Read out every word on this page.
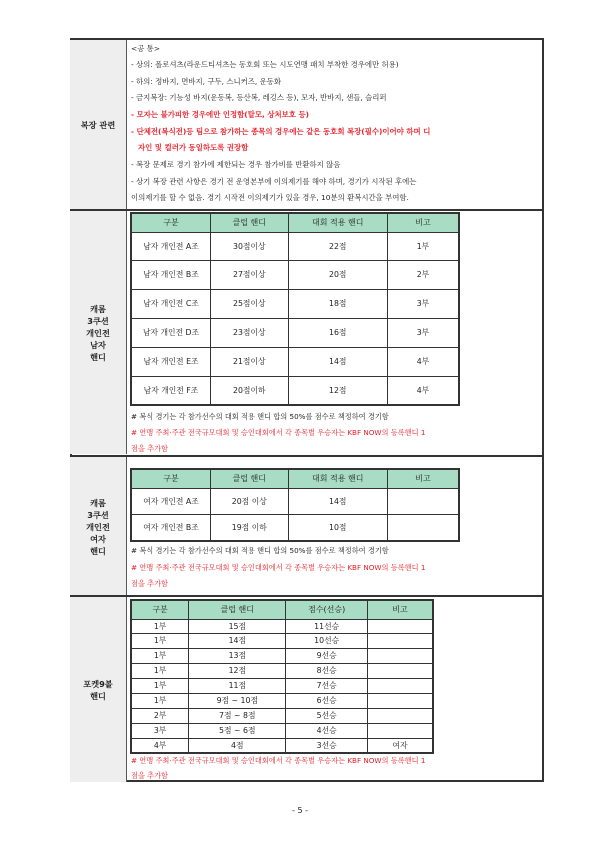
복장 관련
<공 통>
- 상의: 폴로셔츠(라운드티셔츠는 동호회 또는 시도연맹 패치 부착한 경우에만 허용)
- 하의: 정바지, 면바지, 구두, 스니커즈, 운동화
- 금지복장: 기능성 바지(운동복, 등산복, 레깅스 등), 모자, 반바지, 샌들, 슬리퍼
- 모자는 불가피한 경우에만 인정함(탈모, 상처보호 등)
- 단체전(복식전)등 팀으로 참가하는 종목의 경우에는 같은 동호회 복장(필수)이어야 하며 디
자인 및 컬러가 동일하도록 권장함
- 복장 문제로 경기 참가에 제한되는 경우 참가비를 반환하지 않음
- 상기 복장 관련 사항은 경기 전 운영본부에 이의제기를 해야 하며, 경기가 시작된 후에는
이의제기를 할 수 없음. 경기 시작전 이의제기가 있을 경우, 10분의 환복시간을 부여함.
캐롬
3쿠션
개인전
남자
핸디
구분	클럽 핸디	대회 적용 핸디	비고
남자 개인전 A조	30점이상	22점	1부
남자 개인전 B조	27점이상	20점	2부
남자 개인전 C조	25점이상	18점	3부
남자 개인전 D조	23점이상	16점	3부
남자 개인전 E조	21점이상	14점	4부
남자 개인전 F조	20점이하	12점	4부
# 복식 경기는 각 참가선수의 대회 적용 핸디 합의 50%를 점수로 책정하여 경기함
# 연맹 주최·주관 전국규모대회 및 승인대회에서 각 종목별 우승자는 KBF NOW의 등록핸디 1
점을 추가함
캐롬
3쿠션
개인전
여자
핸디
구분	클럽 핸디	대회 적용 핸디	비고
여자 개인전 A조	20점 이상	14점	
여자 개인전 B조	19점 이하	10점	
# 복식 경기는 각 참가선수의 대회 적용 핸디 합의 50%를 점수로 책정하여 경기함
# 연맹 주최·주관 전국규모대회 및 승인대회에서 각 종목별 우승자는 KBF NOW의 등록핸디 1
점을 추가함
포켓9볼
핸디
구분	클럽 핸디	점수(선승)	비고
1부	15점	11선승	
1부	14점	10선승	
1부	13점	9선승	
1부	12점	8선승	
1부	11점	7선승	
1부	9점 ~ 10점	6선승	
2부	7점 ~ 8점	5선승	
3부	5점 ~ 6점	4선승	
4부	4점	3선승	여자
# 연맹 주최·주관 전국규모대회 및 승인대회에서 각 종목별 우승자는 KBF NOW의 등록핸디 1
점을 추가함
- 5 -
